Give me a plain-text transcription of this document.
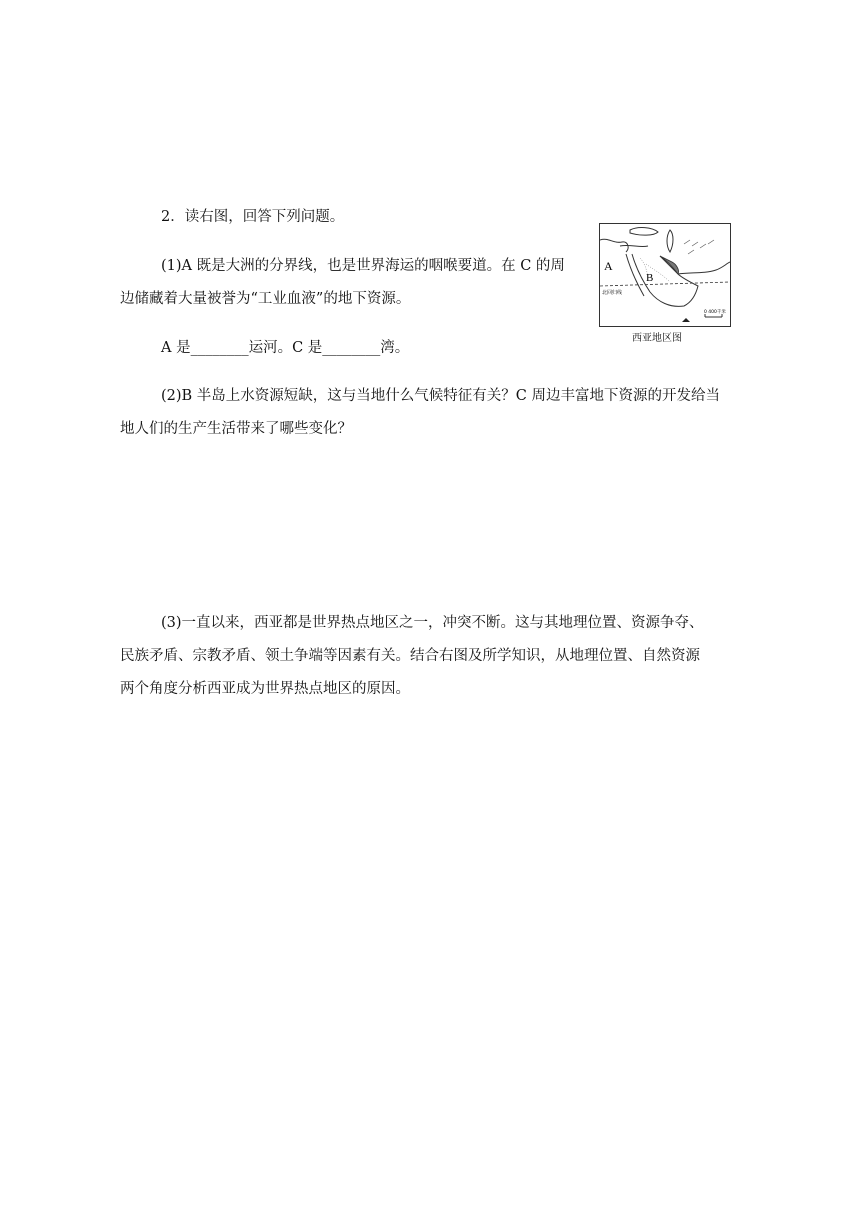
2．读右图，回答下列问题。
(1)A 既是大洲的分界线，也是世界海运的咽喉要道。在 C 的周
边储藏着大量被誉为“工业血液”的地下资源。
A 是________运河。C 是________湾。
(2)B 半岛上水资源短缺，这与当地什么气候特征有关？C 周边丰富地下资源的开发给当
地人们的生产生活带来了哪些变化？
(3)一直以来，西亚都是世界热点地区之一，冲突不断。这与其地理位置、资源争夺、
民族矛盾、宗教矛盾、领土争端等因素有关。结合右图及所学知识，从地理位置、自然资源
两个角度分析西亚成为世界热点地区的原因。
A
B
北回归线
0 400千米
西亚地区图
